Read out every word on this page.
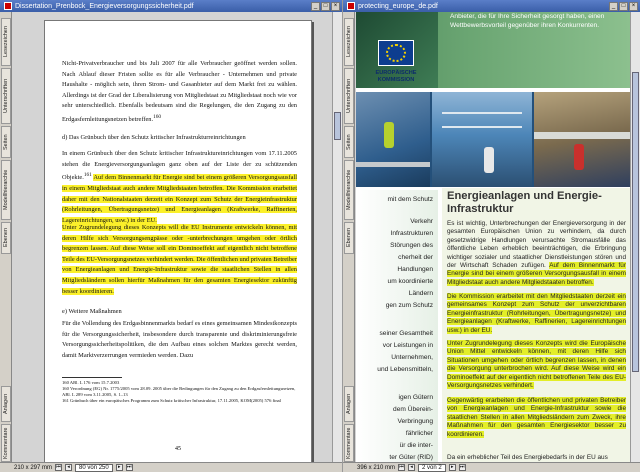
Dissertation_Prenbock_Energieversorgungssicherheit.pdf	_	□	×
Lesezeichen
Unterschriften
Seiten
Modellhierarchie
Ebenen
Anlagen
Kommentare
Nicht-Privatverbraucher und bis Juli 2007 für alle Verbraucher geöffnet werden sollen. Nach Ablauf dieser Fristen sollte es für alle Verbraucher - Unternehmen und private Haushalte - möglich sein, ihren Strom- und Gasanbieter auf dem Markt frei zu wählen. Allerdings ist der Grad der Liberalisierung von Mitgliedstaat zu Mitgliedstaat noch wie vor sehr unterschiedlich. Ebenfalls bedeutsam sind die Regelungen, die den Zugang zu den Erdgasfernleitungsnetzen betreffen.$^{160}$
d) Das Grünbuch über den Schutz kritischer Infrastrukturreinrichtungen
In einem Grünbuch über den Schutz kritischer Infrastruktureinrichtungen vom 17.11.2005 stehen die Energieversorgungsanlagen ganz oben auf der Liste der zu schützenden Objekte.$^{161}$ Auf dem Binnenmarkt für Energie sind bei einem größeren Versorgungsausfall in einem Mitgliedstaat auch andere Mitgliedstaaten betroffen. Die Kommission erarbeitet daher mit den Nationalstaaten derzeit ein Konzept zum Schutz der Energieinfrastruktur (Rohrleitungen, Übertragungsnetze) und Energieanlagen (Kraftwerke, Raffinerien, Lagereinrichtungen, usw.) in der EU.
Unter Zugrundelegung dieses Konzepts will die EU Instrumente entwickeln können, mit deren Hilfe sich Versorgungsengpässe oder -unterbrechungen umgehen oder örtlich begrenzen lassen. Auf diese Weise soll ein Dominoeffekt auf eigentlich nicht betroffene Teile des EU-Versorgungsnetzes verhindert werden. Die öffentlichen und privaten Betreiber von Energieanlagen und Energie-Infrastruktur sowie die staatlichen Stellen in allen Mitgliedsländern sollen hierfür Maßnahmen für den gesamten Energiesektor zukünftig besser koordinieren.
e) Weitere Maßnahmen
Für die Vollendung des Erdgasbinnenmarkts bedarf es eines gemeinsamen Mindestkonzepts für die Versorgungssicherheit, insbesondere durch transparente und diskriminierungsfreie Versorgungssicherheitspolitiken, die den Aufbau eines solchen Marktes gerecht werden, damit Marktverzerrungen vermieden werden. Dazu
160 ABl. L 176 vom 15.7.2003
160 Verordnung (EG) Nr. 1775/2005 vom 28.09. 2005 über die Bedingungen für den Zugang zu den Erdgasfernleitungsnetzen, ABl. L 289 vom 3.11.2005, S. 1–13
161 Grünbuch über ein europäisches Programm zum Schutz kritischer Infrastruktur, 17.11.2005, KOM(2005) 576 final
45
210 x 297 mm ⏮	◂	80 von 250	▸	⏭
protecting_europe_de.pdf	_	□	×
Lesezeichen
Unterschriften
Seiten
Modellhierarchie
Ebenen
Anlagen
Kommentare
EUROPÄISCHE KOMMISSION
Anbieter, die für Ihre Sicherheit gesorgt haben, einen Wettbewerbsvorteil gegenüber ihren Konkurrenten.
mit dem Schutz
Verkehr
Infrastrukturen
Störungen des
cherheit der
Handlungen
um koordinierte
Ländern
gen zum Schutz
seiner Gesamtheit
vor Leistungen in
Unternehmen,
und Lebensmitteln,
igen Gütern
dem Überein-
Verbringung
fährlicher
ür die inter-
ter Güter (RID)
Energieanlagen und Energie-Infrastruktur
Es ist wichtig, Unterbrechungen der Energieversorgung in der gesamten Europäischen Union zu verhindern, da durch gesetzwidrige Handlungen verursachte Stromausfälle das öffentliche Leben erheblich beeinträchtigen, die Erbringung wichtiger sozialer und staatlicher Dienstleistungen stören und der Wirtschaft Schaden zufügen. Auf dem Binnenmarkt für Energie sind bei einem größeren Versorgungsausfall in einem Mitgliedstaat auch andere Mitgliedstaaten betroffen.
Die Kommission erarbeitet mit den Mitgliedstaaten derzeit ein gemeinsames Konzept zum Schutz der unverzichtbaren Energieinfrastruktur (Rohrleitungen, Übertragungsnetze) und Energieanlagen (Kraftwerke, Raffinerien, Lagereinrichtungen usw.) in der EU.
Unter Zugrundelegung dieses Konzepts wird die Europäische Union Mittel entwickeln können, mit deren Hilfe sich Situationen umgehen oder örtlich begrenzen lassen, in denen die Versorgung unterbrochen wird. Auf diese Weise wird ein Dominoeffekt auf der eigentlich nicht betroffenen Teile des EU-Versorgungsnetzes verhindert.
Gegenwärtig erarbeiten die öffentlichen und privaten Betreiber von Energieanlagen und Energie-Infrastruktur sowie die staatlichen Stellen in allen Mitgliedsländern zum Zweck, ihre Maßnahmen für den gesamten Energiesektor besser zu koordinieren.
Da ein erheblicher Teil des Energiebedarfs in der EU aus
396 x 210 mm ⏮	◂	2 von 2	▸	⏭
